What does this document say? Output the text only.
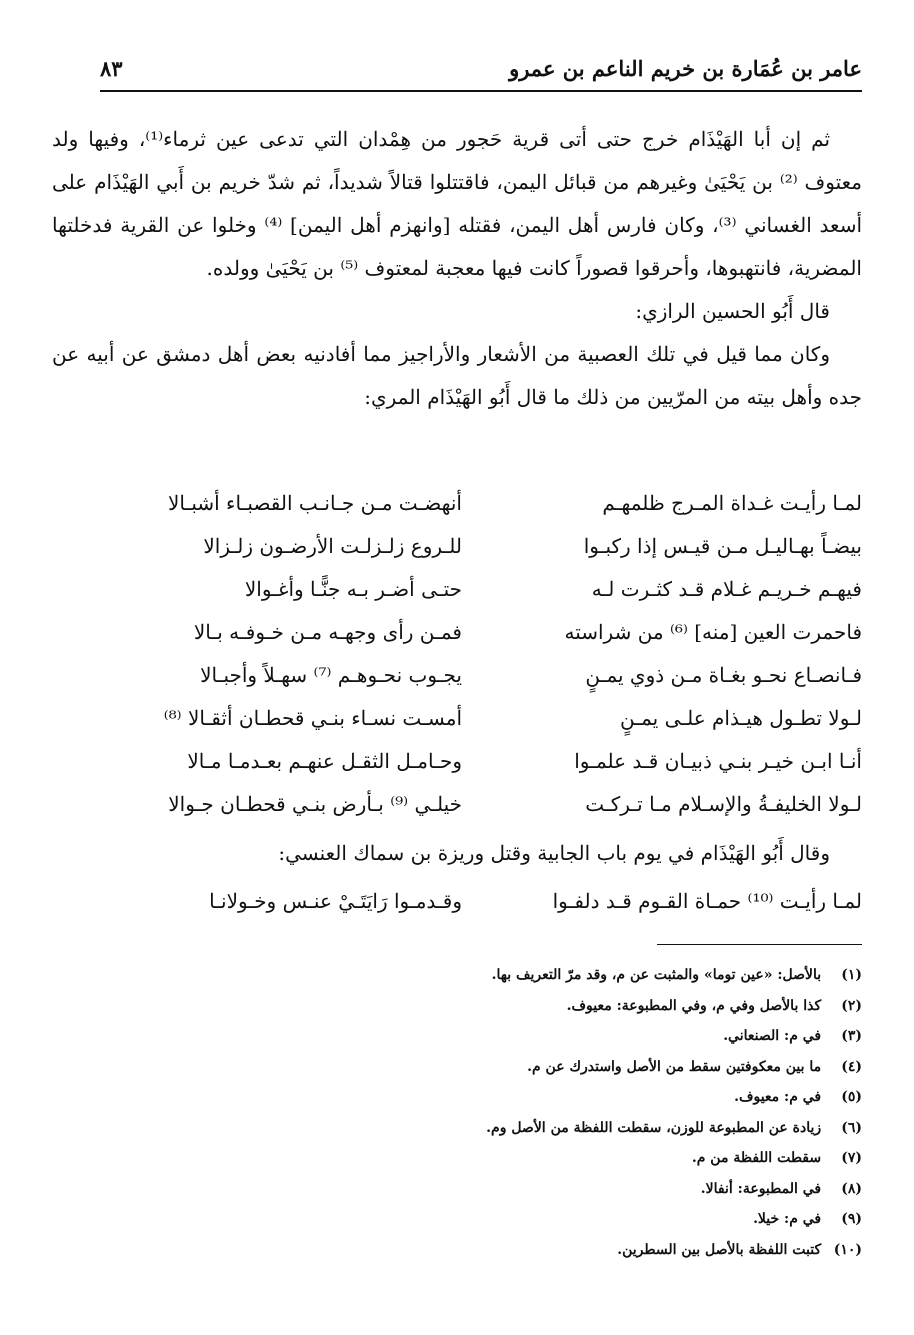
عامر بن عُمَارة بن خريم الناعم بن عمرو
٨٣

ثم إن أبا الهَيْذَام خرج حتى أتى قرية حَجور من هِمْدان التي تدعى عين ثرماء⁽¹⁾، وفيها ولد معتوف ⁽²⁾ بن يَحْيَىٰ وغيرهم من قبائل اليمن، فاقتتلوا قتالاً شديداً، ثم شدّ خريم بن أَبي الهَيْذَام على أسعد الغساني ⁽³⁾، وكان فارس أهل اليمن، فقتله [وانهزم أهل اليمن] ⁽⁴⁾ وخلوا عن القرية فدخلتها المضرية، فانتهبوها، وأحرقوا قصوراً كانت فيها معجبة لمعتوف ⁽⁵⁾ بن يَحْيَىٰ وولده.

قال أَبُو الحسين الرازي:

وكان مما قيل في تلك العصبية من الأشعار والأراجيز مما أفادنيه بعض أهل دمشق عن أبيه عن جده وأهل بيته من المرّيين من ذلك ما قال أَبُو الهَيْذَام المري:

لمـا رأيـت غـداة المـرج ظلمهـم
أنهضـت مـن جـانـب القصبـاء أشبـالا
بيضـاً بهـاليـل مـن قيـس إذا ركبـوا
للـروع زلـزلـت الأرضـون زلـزالا
فيهـم خـريـم غـلام قـد كثـرت لـه
حتـى أضـر بـه جنًّـا وأغـوالا
فاحمرت العين [منه] ⁽⁶⁾ من شراسته
فمـن رأى وجهـه مـن خـوفـه بـالا
فـانصـاع نحـو بغـاة مـن ذوي يمـنٍ
يجـوب نحـوهـم ⁽⁷⁾ سهـلاً وأجبـالا
لـولا تطـول هيـذام علـى يمـنٍ
أمسـت نسـاء بنـي قحطـان أثقـالا ⁽⁸⁾
أنـا ابـن خيـر بنـي ذبيـان قـد علمـوا
وحـامـل الثقـل عنهـم بعـدمـا مـالا
لـولا الخليفـةُ والإسـلام مـا تـركـت
خيلـي ⁽⁹⁾ بـأرض بنـي قحطـان جـوالا

وقال أَبُو الهَيْذَام في يوم باب الجابية وقتل وريزة بن سماك العنسي:

لمـا رأيـت ⁽¹⁰⁾ حمـاة القـوم قـد دلفـوا
وقـدمـوا رَايَتَـيْ عنـس وخـولانـا
(١) بالأصل: «عين توما» والمثبت عن م، وقد مرّ التعريف بها.
(٢) كذا بالأصل وفي م، وفي المطبوعة: معيوف.
(٣) في م: الصنعاني.
(٤) ما بين معكوفتين سقط من الأصل واستدرك عن م.
(٥) في م: معيوف.
(٦) زيادة عن المطبوعة للوزن، سقطت اللفظة من الأصل وم.
(٧) سقطت اللفظة من م.
(٨) في المطبوعة: أنفالا.
(٩) في م: خيلا.
(١٠) كتبت اللفظة بالأصل بين السطرين.
